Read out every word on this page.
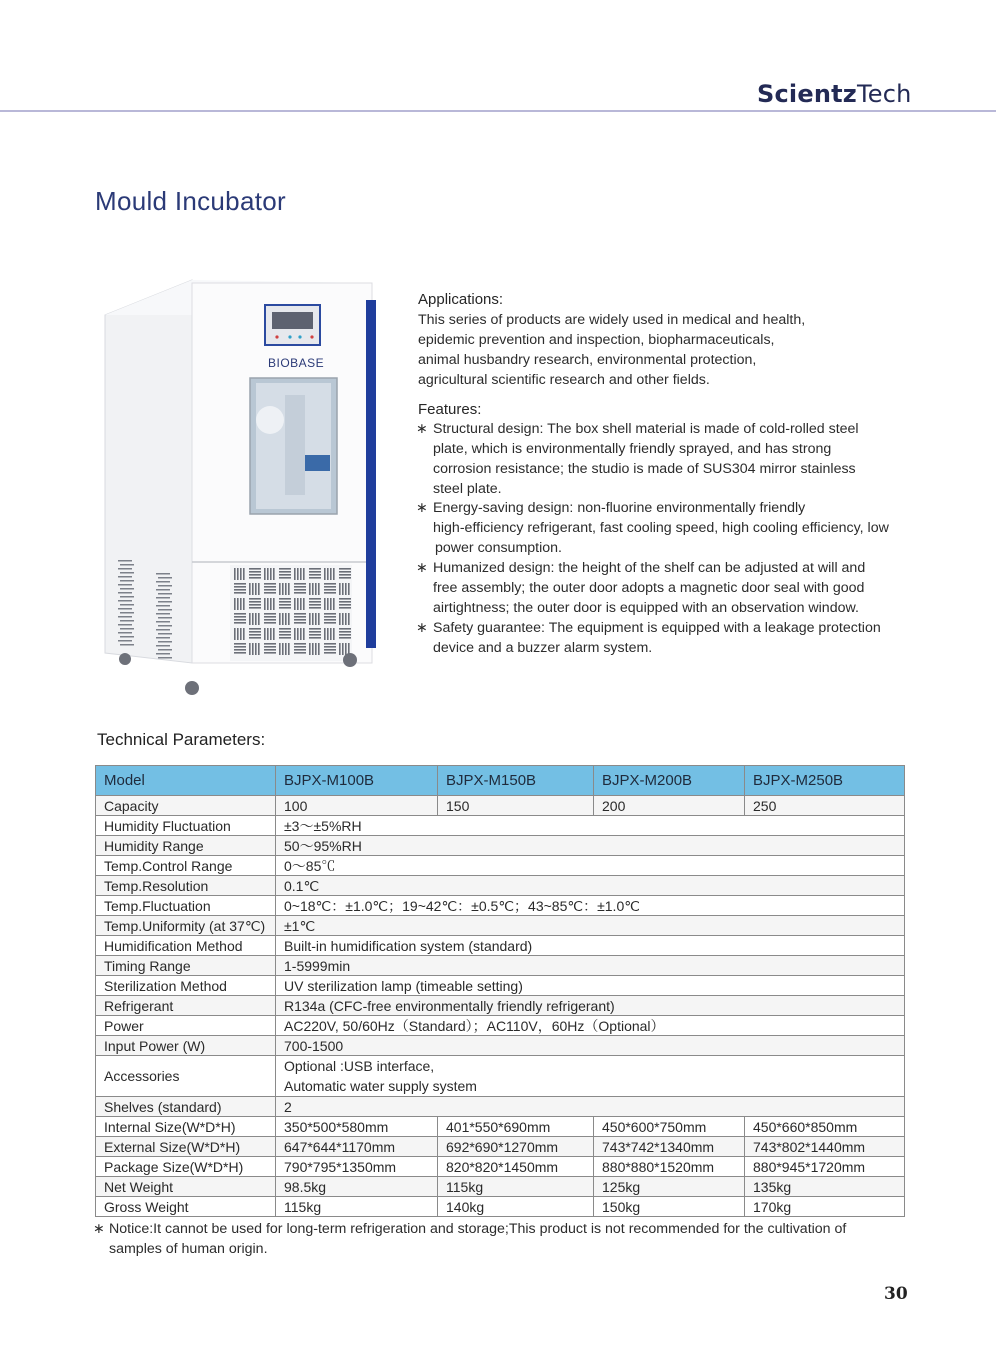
ScientzTech
Mould Incubator
BIOBASE
Applications:
This series of products are widely used in medical and health,
epidemic prevention and inspection, biopharmaceuticals,
animal husbandry research, environmental protection,
agricultural scientific research and other fields.
Features:
∗ Structural design: The box shell material is made of cold-rolled steel
plate, which is environmentally friendly sprayed, and has strong
corrosion resistance; the studio is made of SUS304 mirror stainless
steel plate.
∗ Energy-saving design: non-fluorine environmentally friendly
high-efficiency refrigerant, fast cooling speed, high cooling efficiency, low
power consumption.
∗ Humanized design: the height of the shelf can be adjusted at will and
free assembly; the outer door adopts a magnetic door seal with good
airtightness; the outer door is equipped with an observation window.
∗ Safety guarantee: The equipment is equipped with a leakage protection
device and a buzzer alarm system.
Technical Parameters:
Model	BJPX-M100B	BJPX-M150B	BJPX-M200B	BJPX-M250B
Capacity	100	150	200	250
Humidity Fluctuation	±3～±5%RH			
Humidity Range	50～95%RH			
Temp.Control Range	0～85℃			
Temp.Resolution	0.1℃			
Temp.Fluctuation	0~18℃：±1.0℃；19~42℃：±0.5℃；43~85℃：±1.0℃			
Temp.Uniformity (at 37℃)	±1℃			
Humidification Method	Built-in humidification system (standard)			
Timing Range	1-5999min			
Sterilization Method	UV sterilization lamp (timeable setting)			
Refrigerant	R134a (CFC-free environmentally friendly refrigerant)			
Power	AC220V, 50/60Hz（Standard）；AC110V，60Hz（Optional）			
Input Power (W)	700-1500			
Accessories	Optional :USB interface,
Automatic water supply system			

Shelves (standard)	2			
Internal Size(W*D*H)	350*500*580mm	401*550*690mm	450*600*750mm	450*660*850mm
External Size(W*D*H)	647*644*1170mm	692*690*1270mm	743*742*1340mm	743*802*1440mm
Package Size(W*D*H)	790*795*1350mm	820*820*1450mm	880*880*1520mm	880*945*1720mm
Net Weight	98.5kg	115kg	125kg	135kg
Gross Weight	115kg	140kg	150kg	170kg
∗ Notice:It cannot be used for long-term refrigeration and storage;This product is not recommended for the cultivation of
samples of human origin.
30
